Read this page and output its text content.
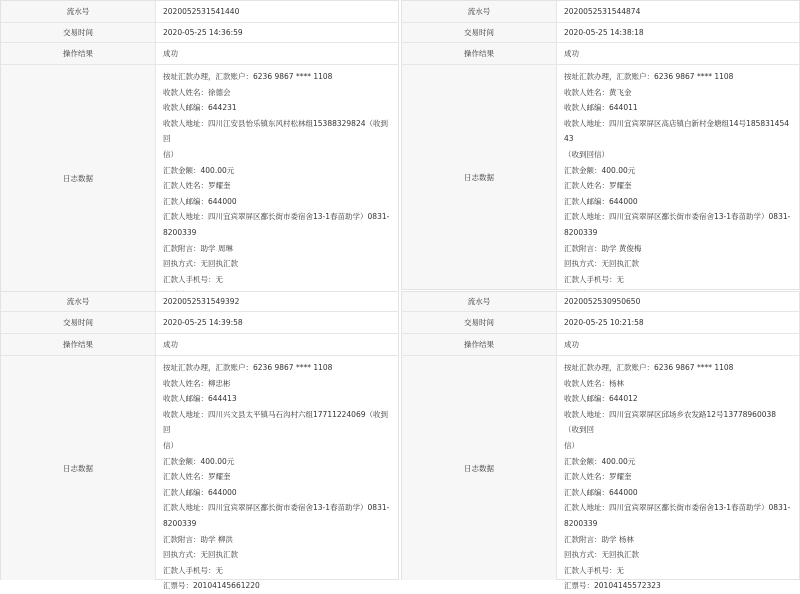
流水号	2020052531541440
交易时间	2020-05-25 14:36:59
操作结果	成功
日志数据
按址汇款办理，汇款账户：6236 9867 **** 1108
收款人姓名：徐德会
收款人邮编：644231
收款人地址：四川江安县怡乐镇东风村松林组15388329824（收到回
信）
汇款金额：400.00元
汇款人姓名：罗耀奎
汇款人邮编：644000
汇款人地址：四川宜宾翠屏区鄱长街市委宿舍13-1春苗助学）0831-
8200339
汇款附言：助学 周琳
回执方式：无回执汇款
汇款人手机号：无
流水号	2020052531544874
交易时间	2020-05-25 14:38:18
操作结果	成功
日志数据
按址汇款办理，汇款账户：6236 9867 **** 1108
收款人姓名：黄飞金
收款人邮编：644011
收款人地址：四川宜宾翠屏区高店镇白新村金塘组14号18583145443
（收到回信）
汇款金额：400.00元
汇款人姓名：罗耀奎
汇款人邮编：644000
汇款人地址：四川宜宾翠屏区鄱长街市委宿舍13-1春苗助学）0831-
8200339
汇款附言：助学 黄俊梅
回执方式：无回执汇款
汇款人手机号：无
流水号	2020052531549392
交易时间	2020-05-25 14:39:58
操作结果	成功
日志数据
按址汇款办理，汇款账户：6236 9867 **** 1108
收款人姓名：柳忠彬
收款人邮编：644413
收款人地址：四川兴文县太平镇马石沟村六组17711224069（收到回
信）
汇款金额：400.00元
汇款人姓名：罗耀奎
汇款人邮编：644000
汇款人地址：四川宜宾翠屏区鄱长街市委宿舍13-1春苗助学）0831-
8200339
汇款附言：助学 柳洪
回执方式：无回执汇款
汇款人手机号：无
汇票号：20104145661220
流水号	2020052530950650
交易时间	2020-05-25 10:21:58
操作结果	成功
日志数据
按址汇款办理，汇款账户：6236 9867 **** 1108
收款人姓名：杨林
收款人邮编：644012
收款人地址：四川宜宾翠屏区邱场乡农发路12号13778960038（收到回
信）
汇款金额：400.00元
汇款人姓名：罗耀奎
汇款人邮编：644000
汇款人地址：四川宜宾翠屏区鄱长街市委宿舍13-1春苗助学）0831-
8200339
汇款附言：助学 杨林
回执方式：无回执汇款
汇款人手机号：无
汇票号：20104145572323
